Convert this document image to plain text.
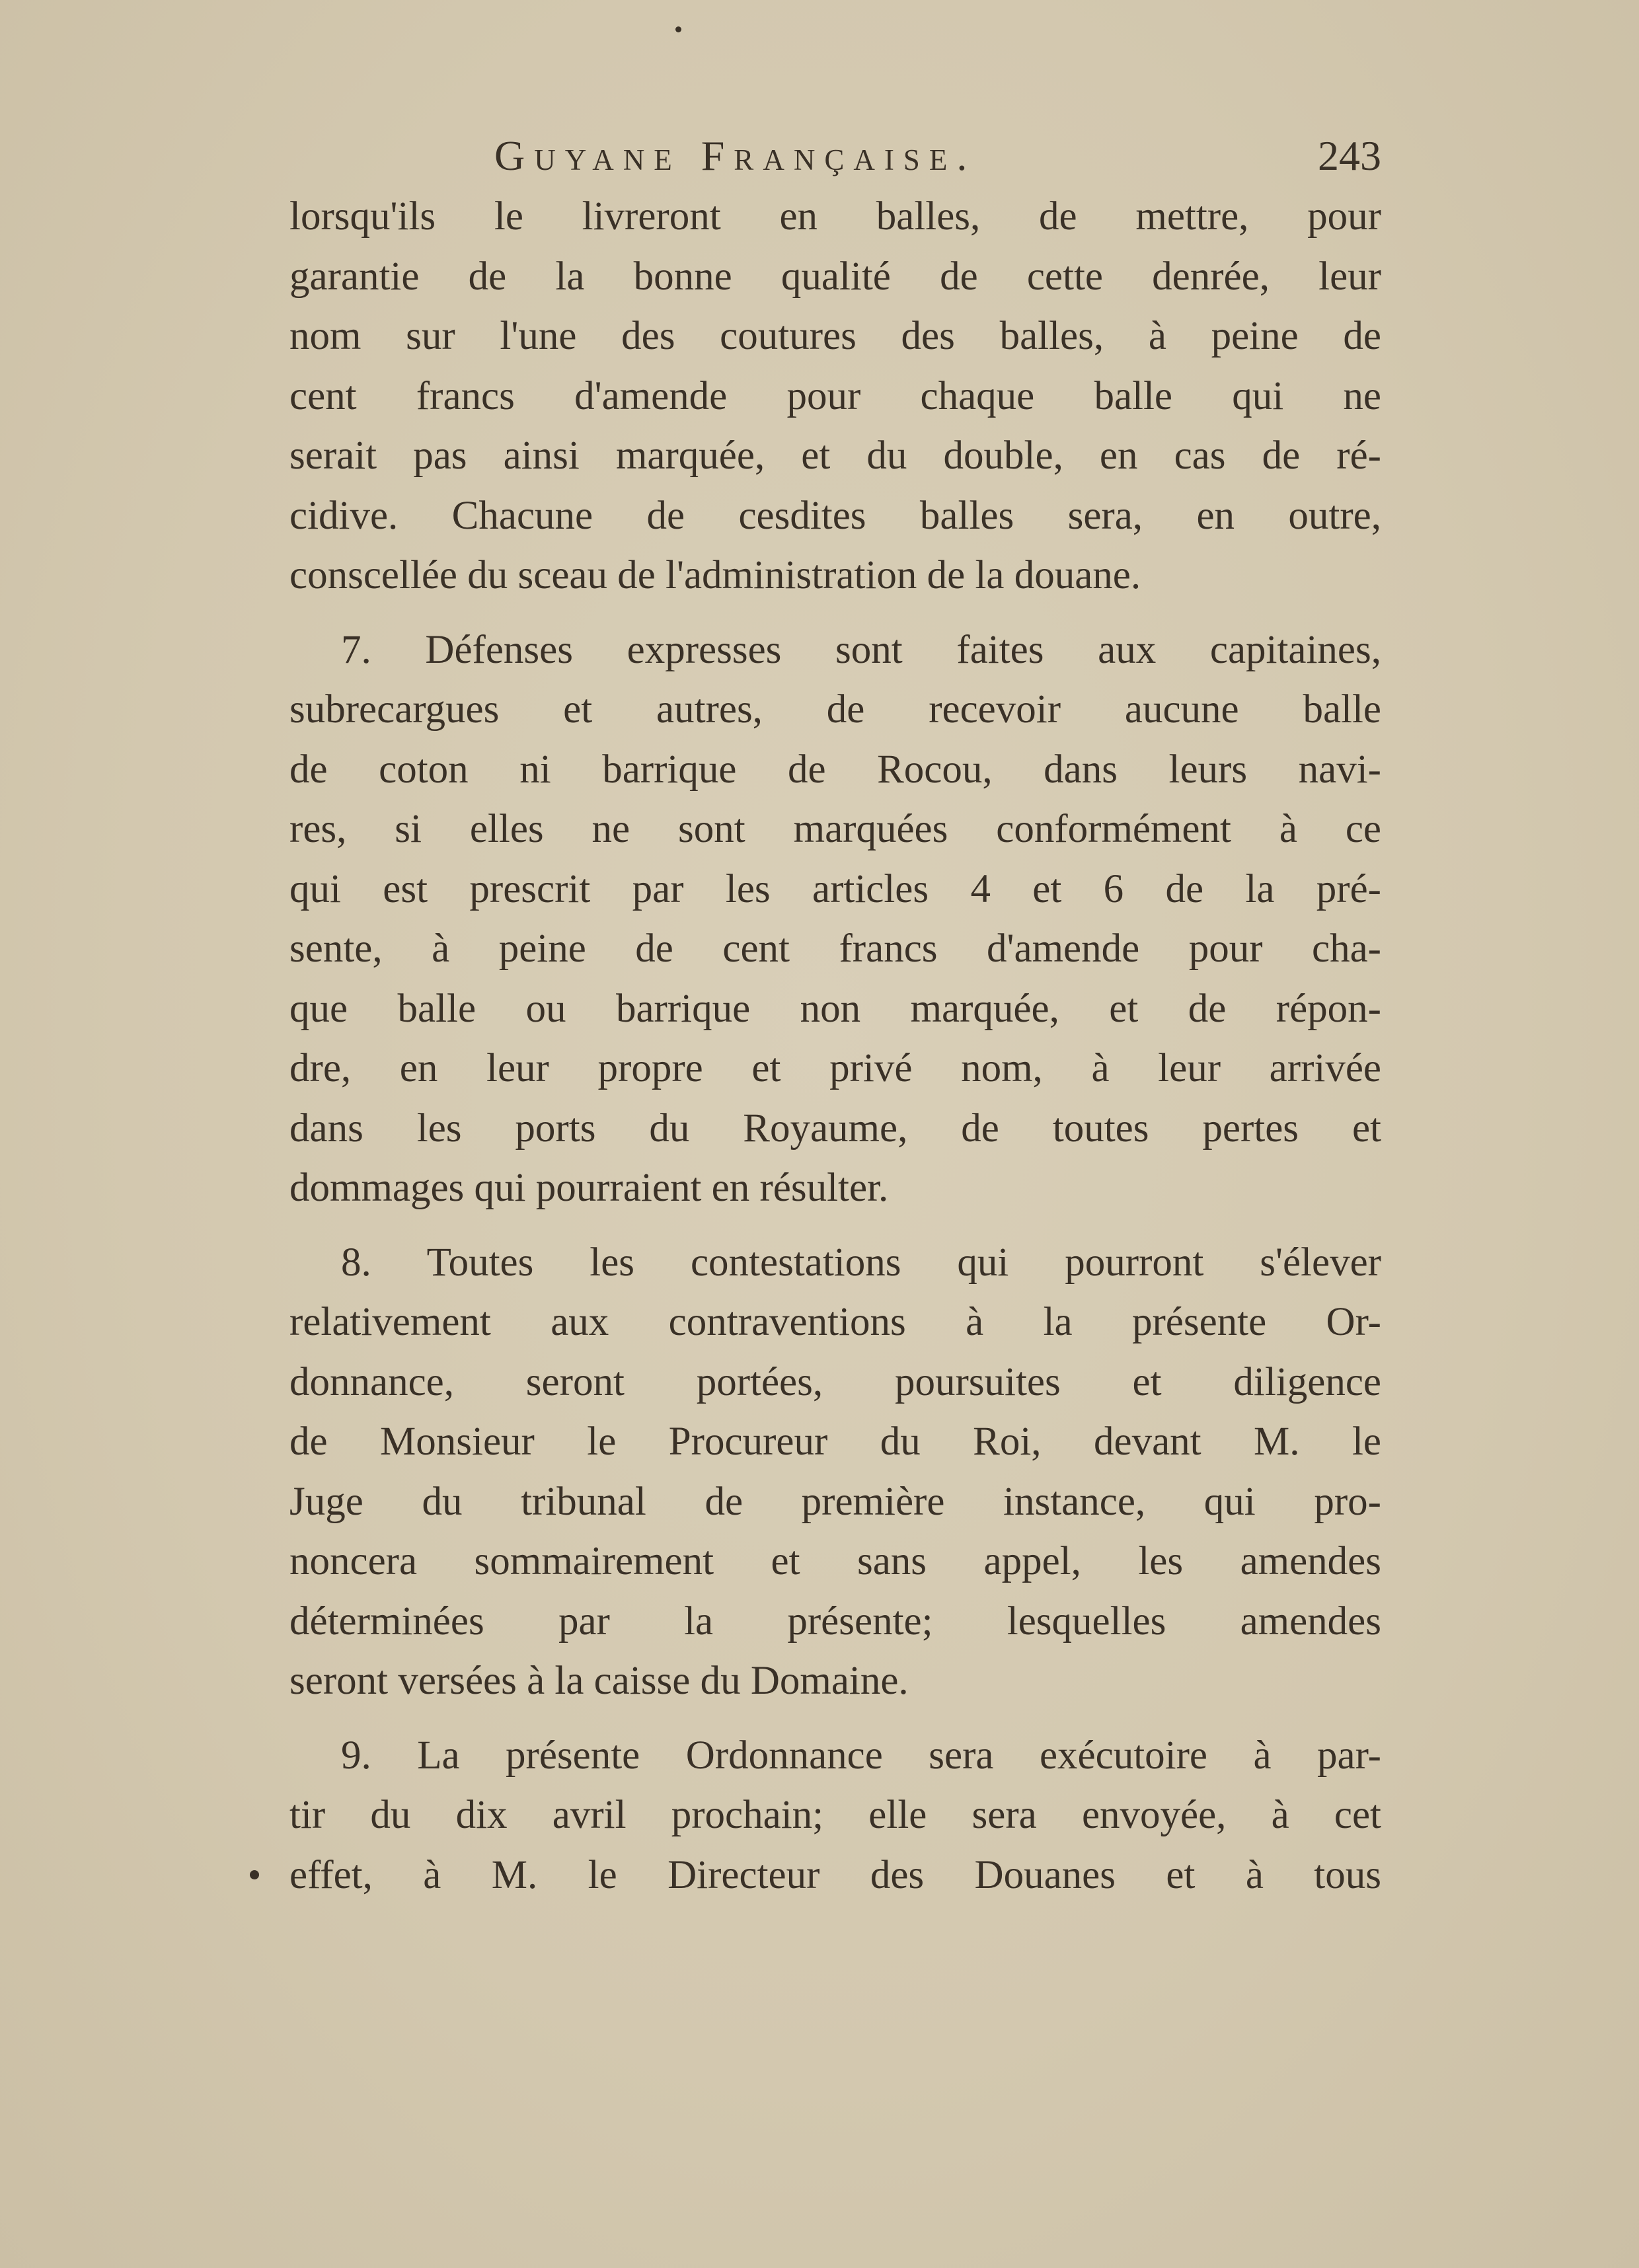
Guyane Française.	243
lorsqu'ils le livreront en balles, de mettre, pour
garantie de la bonne qualité de cette denrée, leur
nom sur l'une des coutures des balles, à peine de
cent francs d'amende pour chaque balle qui ne
serait pas ainsi marquée, et du double, en cas de ré-
cidive. Chacune de cesdites balles sera, en outre,
conscellée du sceau de l'administration de la douane.
7. Défenses expresses sont faites aux capitaines,
subrecargues et autres, de recevoir aucune balle
de coton ni barrique de Rocou, dans leurs navi-
res, si elles ne sont marquées conformément à ce
qui est prescrit par les articles 4 et 6 de la pré-
sente, à peine de cent francs d'amende pour cha-
que balle ou barrique non marquée, et de répon-
dre, en leur propre et privé nom, à leur arrivée
dans les ports du Royaume, de toutes pertes et
dommages qui pourraient en résulter.
8. Toutes les contestations qui pourront s'élever
relativement aux contraventions à la présente Or-
donnance, seront portées, poursuites et diligence
de Monsieur le Procureur du Roi, devant M. le
Juge du tribunal de première instance, qui pro-
noncera sommairement et sans appel, les amendes
déterminées par la présente; lesquelles amendes
seront versées à la caisse du Domaine.
9. La présente Ordonnance sera exécutoire à par-
tir du dix avril prochain; elle sera envoyée, à cet
effet, à M. le Directeur des Douanes et à tous
